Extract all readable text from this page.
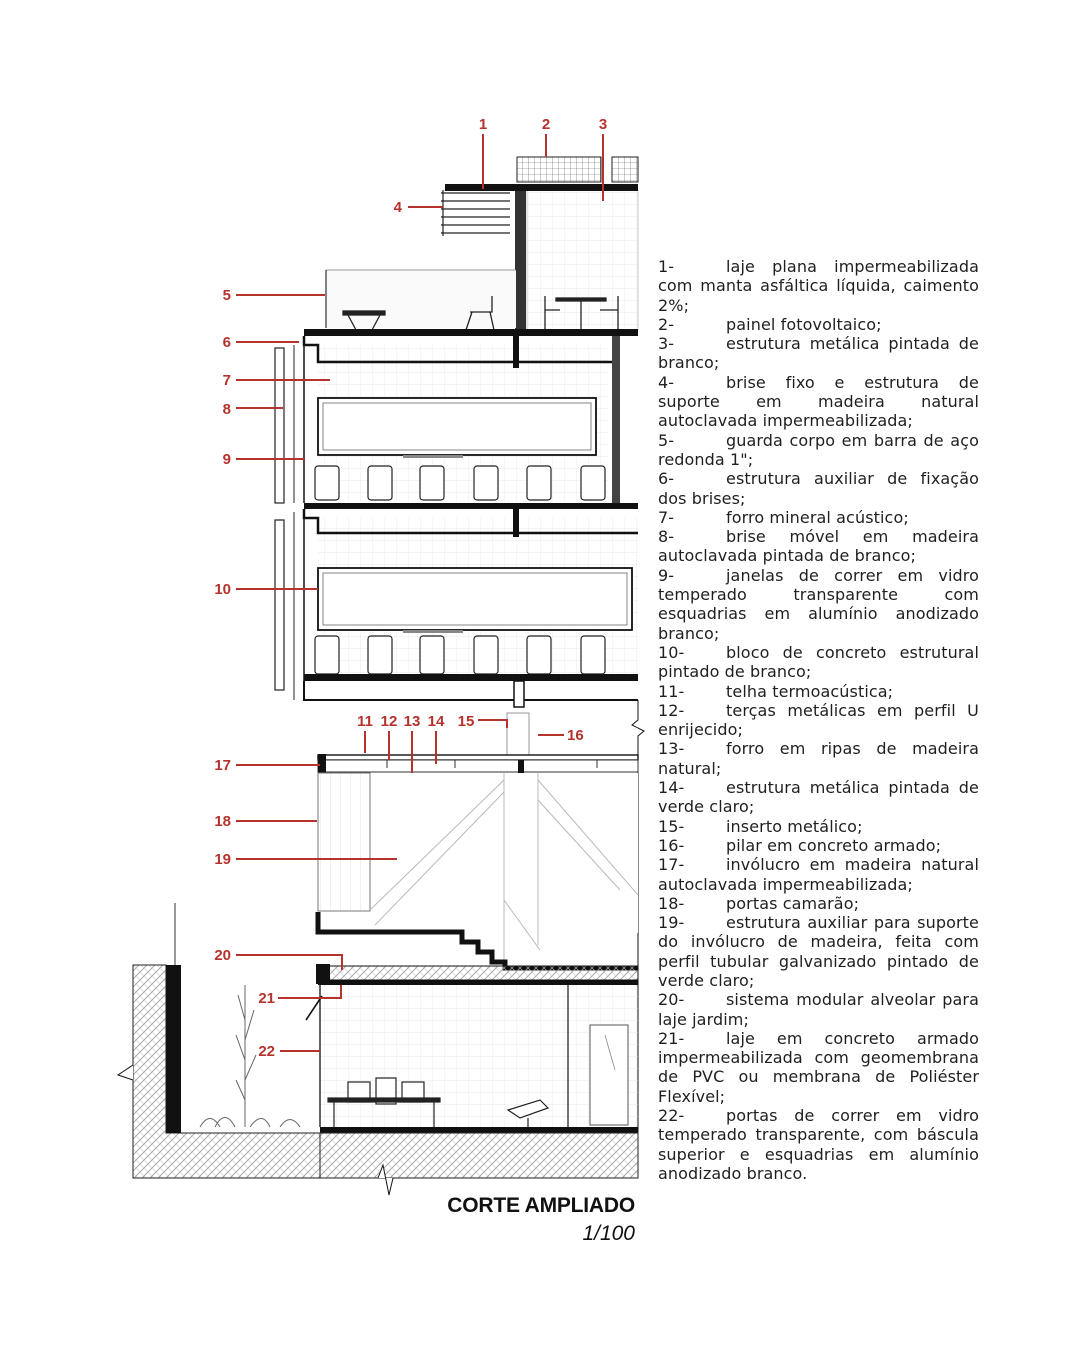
1	2	3
4
5
6
7
8
9
10
11 12 13 14 15
16
17
18
19
20
21
22
1-	laje plana impermeabilizada com manta asfáltica líquida, caimento 2%;
2-	painel fotovoltaico;
3-	estrutura metálica pintada de branco;
4-	brise fixo e estrutura de suporte em madeira natural autoclavada impermeabilizada;
5-	guarda corpo em barra de aço redonda 1";
6-	estrutura auxiliar de fixação dos brises;
7-	forro mineral acústico;
8-	brise móvel em madeira autoclavada pintada de branco;
9-	janelas de correr em vidro temperado transparente com esquadrias em alumínio anodizado branco;
10-	bloco de concreto estrutural pintado de branco;
11-	telha termoacústica;
12-	terças metálicas em perfil U enrijecido;
13-	forro em ripas de madeira natural;
14-	estrutura metálica pintada de verde claro;
15-	inserto metálico;
16-	pilar em concreto armado;
17-	invólucro em madeira natural autoclavada impermeabilizada;
18-	portas camarão;
19-	estrutura auxiliar para suporte do invólucro de madeira, feita com perfil tubular galvanizado pintado de verde claro;
20-	sistema modular alveolar para laje jardim;
21-	laje em concreto armado impermeabilizada com geomembrana de PVC ou membrana de Poliéster Flexível;
22-	portas de correr em vidro temperado transparente, com báscula superior e esquadrias em alumínio anodizado branco.
CORTE AMPLIADO
1/100
